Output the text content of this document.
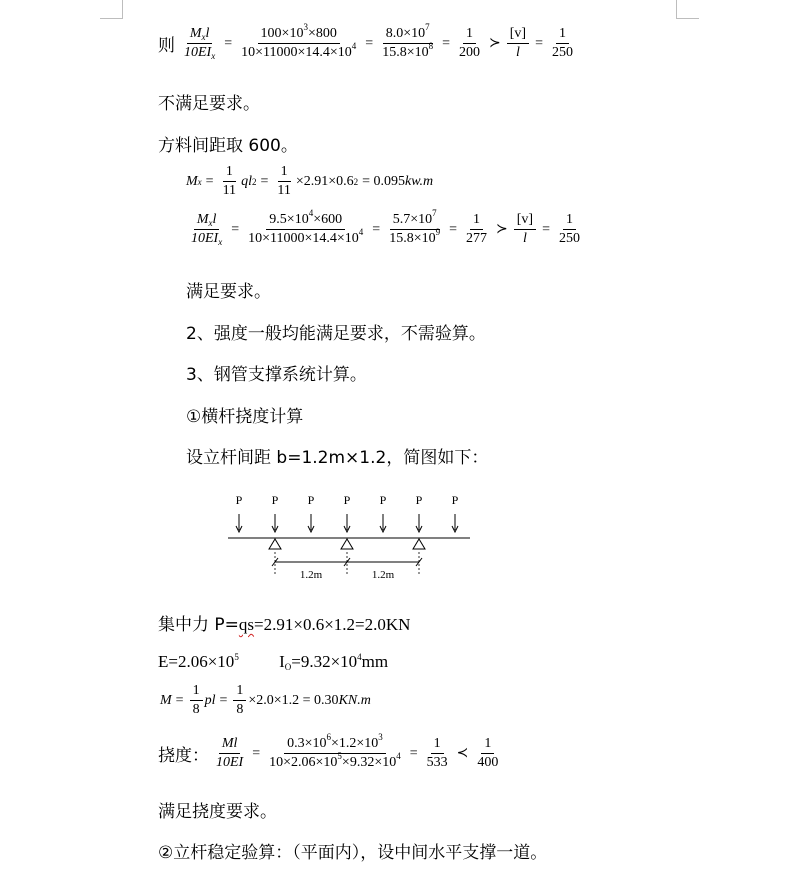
则 $\frac{M_xl}{10EI_x} = \frac{100\times 10^3\times 800}{10\times 11000\times 14.4\times 10^4} = \frac{8.0\times 10^7}{15.8\times 10^8} = \frac{1}{200}$ ≻ $\frac{[v]}{l} = \frac{1}{250}$
不满足要求。
方料间距取 600。
M $x = \frac{1}{11}$ ql $2 = \frac{1}{11} \times 2.91\times 0.6$ 2 = 0.095 kw.m
$\frac{M_xl}{10EI_x} = \frac{9.5\times 10^4\times 600}{10\times 11000\times 14.4\times 10^4} = \frac{5.7\times 10^7}{15.8\times 10^9} = \frac{1}{277}$ ≻ $\frac{[v]}{l} = \frac{1}{250}$
满足要求。
2、强度一般均能满足要求，不需验算。
3、钢管支撑系统计算。
①横杆挠度计算
设立杆间距 b=1.2m×1.2，简图如下：
P P P P P P P
1.2m	1.2m
集中力 P=qs=2.91×0.6×1.2=2.0KN
$E=2.06\times 10^5$ $I_O=9.32\times 10^4mm$
$M = \frac{1}{8}$ pl = $\frac{1}{8} \times 2.0\times 1.2 = 0.30$ KN.m
挠度： $\frac{Ml}{10EI} = \frac{0.3\times 10^6\times 1.2\times 10^3}{10\times 2.06\times 10^5\times 9.32\times 10^4} = \frac{1}{533}$ ≺ $\frac{1}{400}$
满足挠度要求。
②立杆稳定验算：（平面内），设中间水平支撑一道。
